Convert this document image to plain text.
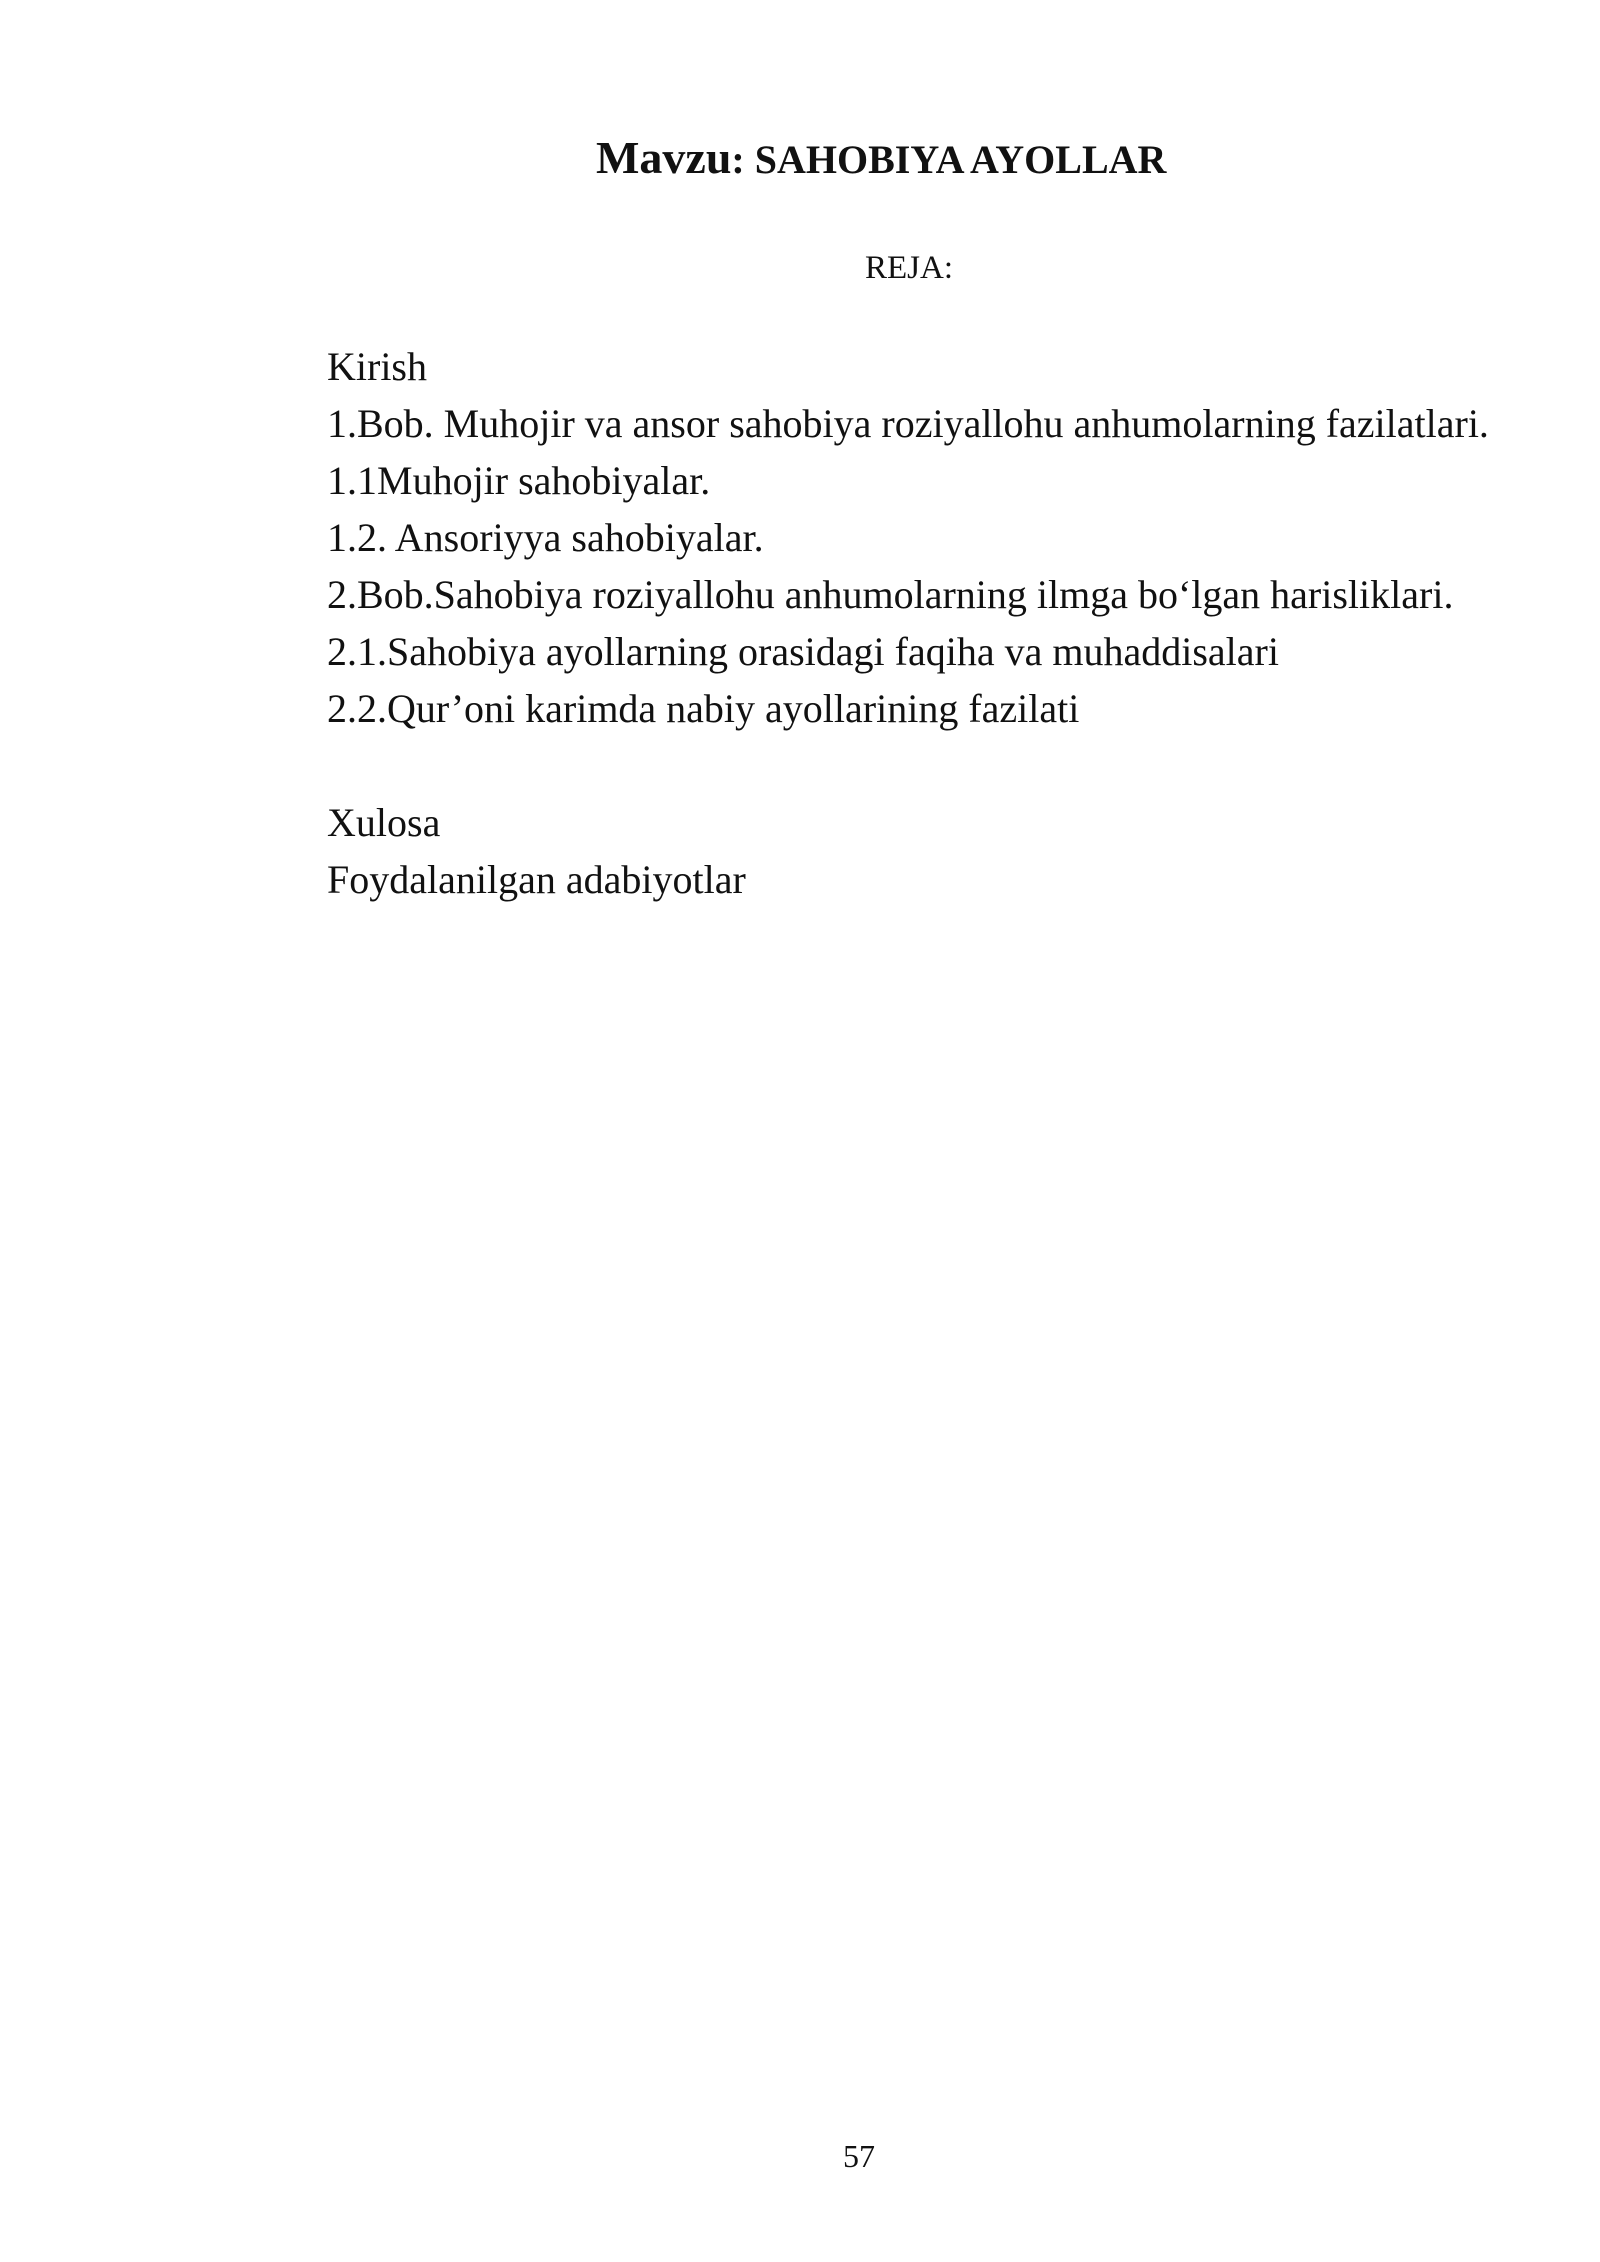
Mavzu: SAHOBIYA AYOLLAR
REJA:
Kirish
1.Bob. Muhojir va ansor sahobiya roziyallohu anhumolarning fazilatlari.
1.1Muhojir sahobiyalar.
1.2. Ansoriyya sahobiyalar.
2.Bob.Sahobiya roziyallohu anhumolarning ilmga bo‘lgan harisliklari.
2.1.Sahobiya ayollarning orasidagi faqiha va muhaddisalari
2.2.Qur’oni karimda nabiy ayollarining fazilati
Xulosa
Foydalanilgan adabiyotlar
57
